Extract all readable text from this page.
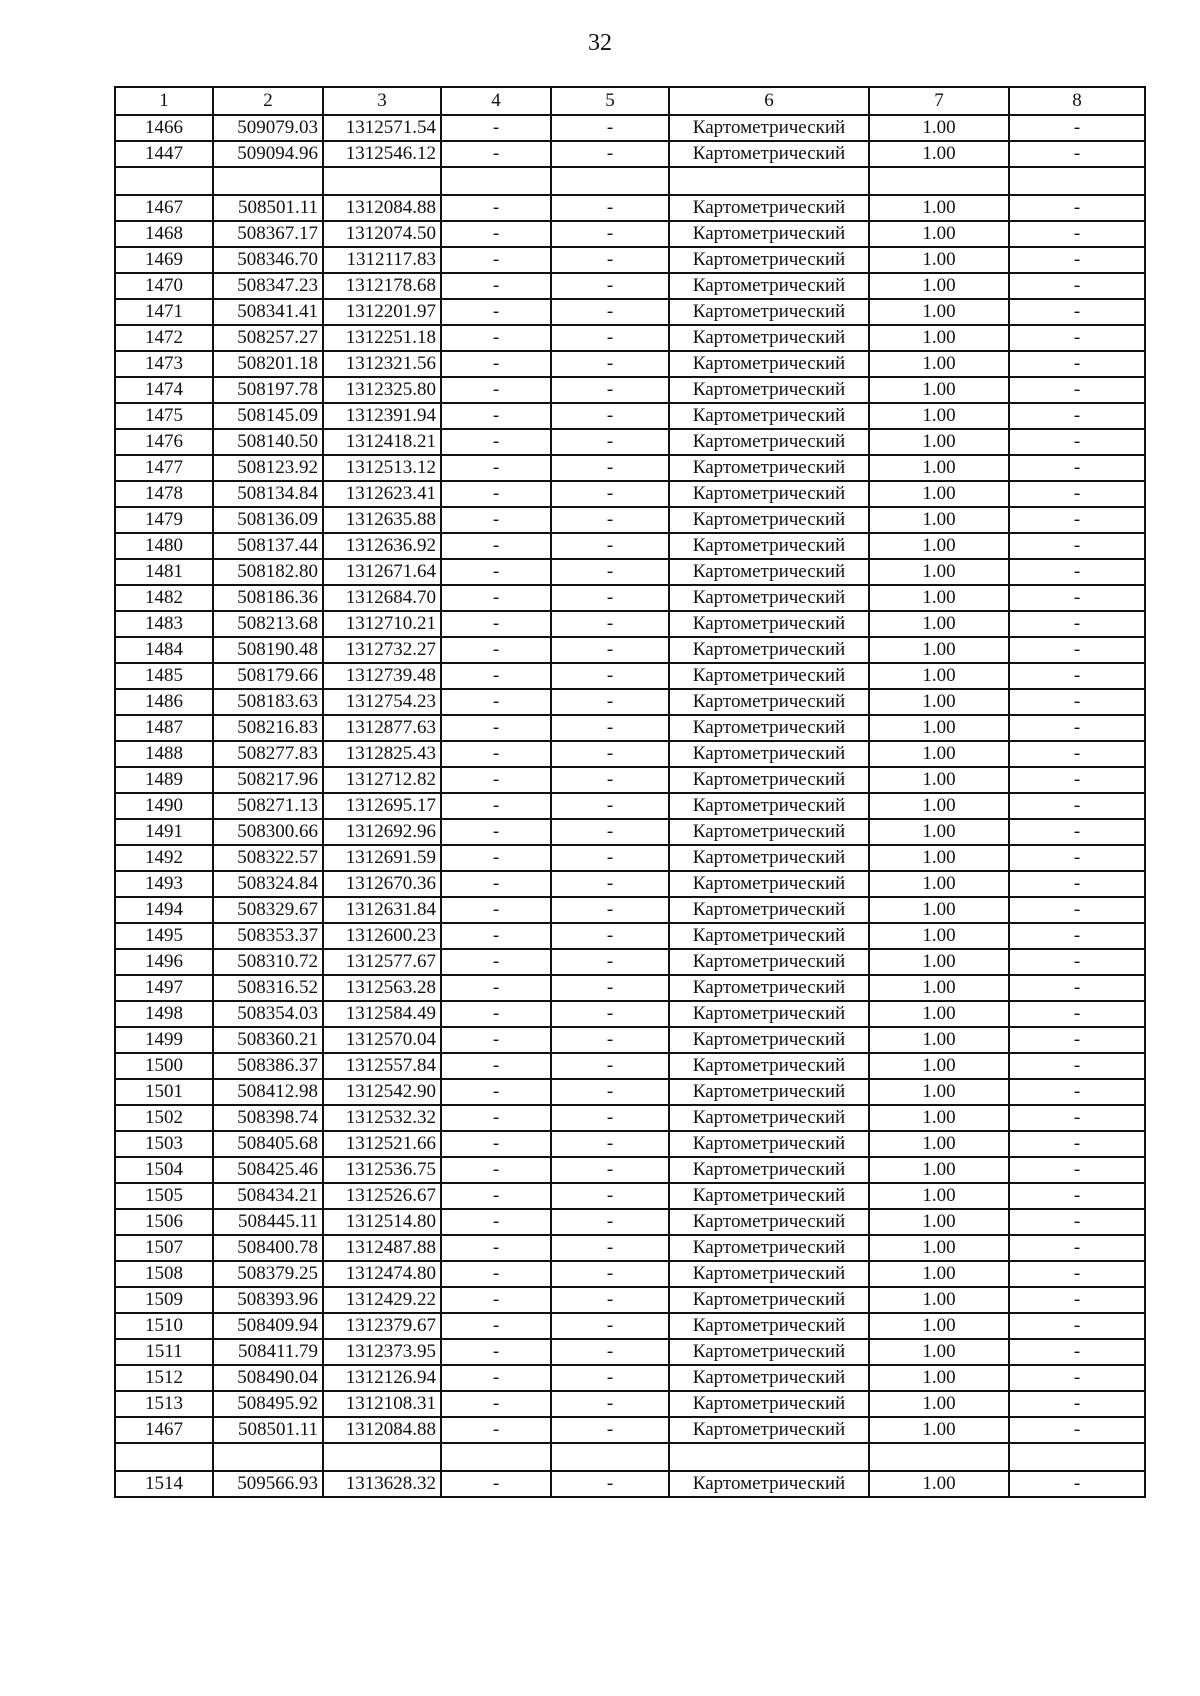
32
1	2	3	4	5	6	7	8
1466	509079.03	1312571.54	-	-	Картометрический	1.00	-
1447	509094.96	1312546.12	-	-	Картометрический	1.00	-

1467	508501.11	1312084.88	-	-	Картометрический	1.00	-
1468	508367.17	1312074.50	-	-	Картометрический	1.00	-
1469	508346.70	1312117.83	-	-	Картометрический	1.00	-
1470	508347.23	1312178.68	-	-	Картометрический	1.00	-
1471	508341.41	1312201.97	-	-	Картометрический	1.00	-
1472	508257.27	1312251.18	-	-	Картометрический	1.00	-
1473	508201.18	1312321.56	-	-	Картометрический	1.00	-
1474	508197.78	1312325.80	-	-	Картометрический	1.00	-
1475	508145.09	1312391.94	-	-	Картометрический	1.00	-
1476	508140.50	1312418.21	-	-	Картометрический	1.00	-
1477	508123.92	1312513.12	-	-	Картометрический	1.00	-
1478	508134.84	1312623.41	-	-	Картометрический	1.00	-
1479	508136.09	1312635.88	-	-	Картометрический	1.00	-
1480	508137.44	1312636.92	-	-	Картометрический	1.00	-
1481	508182.80	1312671.64	-	-	Картометрический	1.00	-
1482	508186.36	1312684.70	-	-	Картометрический	1.00	-
1483	508213.68	1312710.21	-	-	Картометрический	1.00	-
1484	508190.48	1312732.27	-	-	Картометрический	1.00	-
1485	508179.66	1312739.48	-	-	Картометрический	1.00	-
1486	508183.63	1312754.23	-	-	Картометрический	1.00	-
1487	508216.83	1312877.63	-	-	Картометрический	1.00	-
1488	508277.83	1312825.43	-	-	Картометрический	1.00	-
1489	508217.96	1312712.82	-	-	Картометрический	1.00	-
1490	508271.13	1312695.17	-	-	Картометрический	1.00	-
1491	508300.66	1312692.96	-	-	Картометрический	1.00	-
1492	508322.57	1312691.59	-	-	Картометрический	1.00	-
1493	508324.84	1312670.36	-	-	Картометрический	1.00	-
1494	508329.67	1312631.84	-	-	Картометрический	1.00	-
1495	508353.37	1312600.23	-	-	Картометрический	1.00	-
1496	508310.72	1312577.67	-	-	Картометрический	1.00	-
1497	508316.52	1312563.28	-	-	Картометрический	1.00	-
1498	508354.03	1312584.49	-	-	Картометрический	1.00	-
1499	508360.21	1312570.04	-	-	Картометрический	1.00	-
1500	508386.37	1312557.84	-	-	Картометрический	1.00	-
1501	508412.98	1312542.90	-	-	Картометрический	1.00	-
1502	508398.74	1312532.32	-	-	Картометрический	1.00	-
1503	508405.68	1312521.66	-	-	Картометрический	1.00	-
1504	508425.46	1312536.75	-	-	Картометрический	1.00	-
1505	508434.21	1312526.67	-	-	Картометрический	1.00	-
1506	508445.11	1312514.80	-	-	Картометрический	1.00	-
1507	508400.78	1312487.88	-	-	Картометрический	1.00	-
1508	508379.25	1312474.80	-	-	Картометрический	1.00	-
1509	508393.96	1312429.22	-	-	Картометрический	1.00	-
1510	508409.94	1312379.67	-	-	Картометрический	1.00	-
1511	508411.79	1312373.95	-	-	Картометрический	1.00	-
1512	508490.04	1312126.94	-	-	Картометрический	1.00	-
1513	508495.92	1312108.31	-	-	Картометрический	1.00	-
1467	508501.11	1312084.88	-	-	Картометрический	1.00	-

1514	509566.93	1313628.32	-	-	Картометрический	1.00	-
